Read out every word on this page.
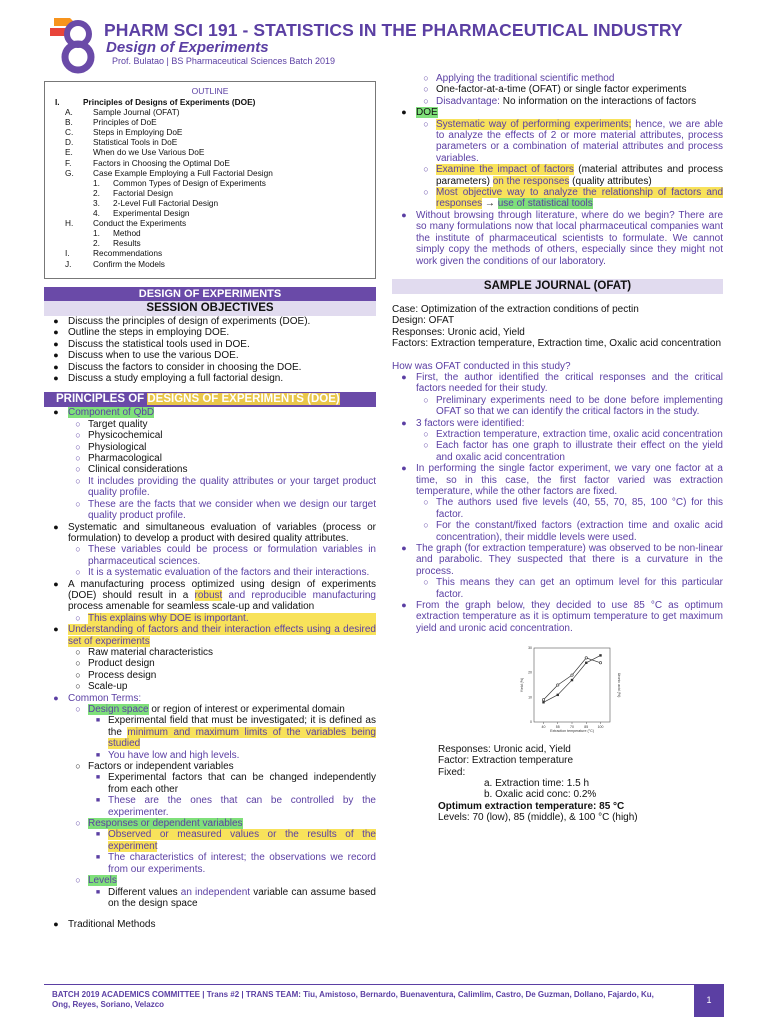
PHARM SCI 191 - STATISTICS IN THE PHARMACEUTICAL INDUSTRY
Design of Experiments
Prof. Bulatao | BS Pharmaceutical Sciences Batch 2019
OUTLINE
I.	Principles of Designs of Experiments (DOE)
A.	Sample Journal (OFAT)
B.	Principles of DoE
C.	Steps in Employing DoE
D.	Statistical Tools in DoE
E.	When do we Use Various DoE
F.	Factors in Choosing the Optimal DoE
G.	Case Example Employing a Full Factorial Design
1.	Common Types of Design of Experiments
2.	Factorial Design
3.	2-Level Full Factorial Design
4.	Experimental Design
H.	Conduct the Experiments
1.	Method
2.	Results
I.	Recommendations
J.	Confirm the Models
DESIGN OF EXPERIMENTS
SESSION OBJECTIVES
● Discuss the principles of design of experiments (DOE).
● Outline the steps in employing DOE.
● Discuss the statistical tools used in DOE.
● Discuss when to use the various DOE.
● Discuss the factors to consider in choosing the DOE.
● Discuss a study employing a full factorial design.
PRINCIPLES OF DESIGNS OF EXPERIMENTS (DOE)
● Component of QbD
○ Target quality
○ Physicochemical
○ Physiological
○ Pharmacological
○ Clinical considerations
○ It includes providing the quality attributes or your target product quality profile.
○ These are the facts that we consider when we design our target quality product profile.
● Systematic and simultaneous evaluation of variables (process or formulation) to develop a product with desired quality attributes.
○ These variables could be process or formulation variables in pharmaceutical sciences.
○ It is a systematic evaluation of the factors and their interactions.
● A manufacturing process optimized using design of experiments (DOE) should result in a robust and reproducible manufacturing process amenable for seamless scale-up and validation
○ This explains why DOE is important.
● Understanding of factors and their interaction effects using a desired set of experiments
○ Raw material characteristics
○ Product design
○ Process design
○ Scale-up
● Common Terms:
○ Design space or region of interest or experimental domain
■ Experimental field that must be investigated; it is defined as the minimum and maximum limits of the variables being studied
■ You have low and high levels.
○ Factors or independent variables
■ Experimental factors that can be changed independently from each other
■ These are the ones that can be controlled by the experimenter.
○ Responses or dependent variables
■ Observed or measured values or the results of the experiment
■ The characteristics of interest; the observations we record from our experiments.
○ Levels
■ Different values an independent variable can assume based on the design space
● Traditional Methods
○ Applying the traditional scientific method
○ One-factor-at-a-time (OFAT) or single factor experiments
○ Disadvantage: No information on the interactions of factors
● DOE
○ Systematic way of performing experiments; hence, we are able to analyze the effects of 2 or more material attributes, process parameters or a combination of material attributes and process variables.
○ Examine the impact of factors (material attributes and process parameters) on the responses (quality attributes)
○ Most objective way to analyze the relationship of factors and responses → use of statistical tools
● Without browsing through literature, where do we begin? There are so many formulations now that local pharmaceutical companies want the institute of pharmaceutical scientists to formulate. We cannot simply copy the methods of others, especially since they might not work given the conditions of our laboratory.
SAMPLE JOURNAL (OFAT)
Case: Optimization of the extraction conditions of pectin
Design: OFAT
Responses: Uronic acid, Yield
Factors: Extraction temperature, Extraction time, Oxalic acid concentration
How was OFAT conducted in this study?
● First, the author identified the critical responses and the critical factors needed for their study.
○ Preliminary experiments need to be done before implementing OFAT so that we can identify the critical factors in the study.
● 3 factors were identified:
○ Extraction temperature, extraction time, oxalic acid concentration
○ Each factor has one graph to illustrate their effect on the yield and oxalic acid concentration
● In performing the single factor experiment, we vary one factor at a time, so in this case, the first factor varied was extraction temperature, while the other factors are fixed.
○ The authors used five levels (40, 55, 70, 85, 100 °C) for this factor.
○ For the constant/fixed factors (extraction time and oxalic acid concentration), their middle levels were used.
● The graph (for extraction temperature) was observed to be non-linear and parabolic. They suspected that there is a curvature in the process.
○ This means they can get an optimum level for this particular factor.
● From the graph below, they decided to use 85 °C as optimum extraction temperature as it is optimum temperature to get maximum yield and uronic acid concentration.
40	55	70	85	100
0
10
20
30
Extraction temperature (°C)
Yield (%)	Uronic acid (%)
Responses: Uronic acid, Yield
Factor: Extraction temperature
Fixed:
a. Extraction time: 1.5 h
b. Oxalic acid conc: 0.2%
Optimum extraction temperature: 85 °C
Levels: 70 (low), 85 (middle), & 100 °C (high)
BATCH 2019 ACADEMICS COMMITTEE | Trans #2 | TRANS TEAM: Tiu, Amistoso, Bernardo, Buenaventura, Calimlim, Castro, De Guzman, Dollano, Fajardo, Ku, Ong, Reyes, Soriano, Velazco	1
